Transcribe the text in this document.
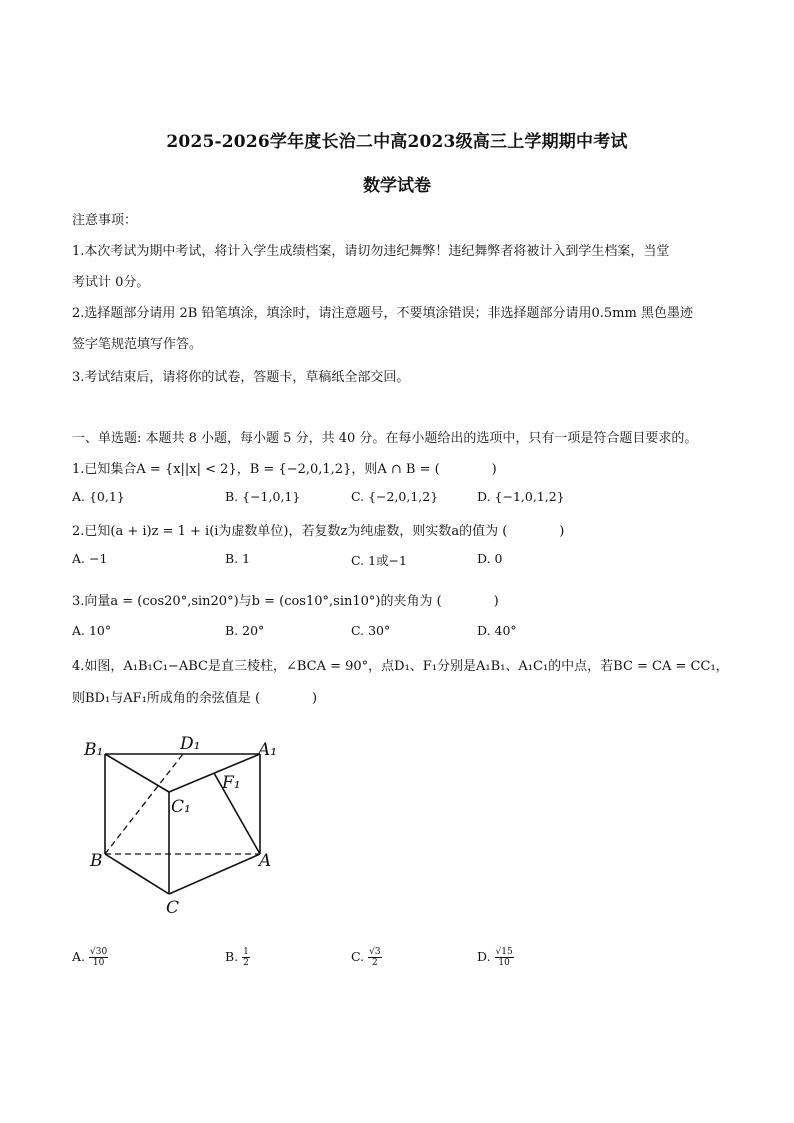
2025-2026学年度长治二中高2023级高三上学期期中考试
数学试卷
注意事项：
1.本次考试为期中考试，将计入学生成绩档案，请切勿违纪舞弊！违纪舞弊者将被计入到学生档案，当堂
考试计 0分。
2.选择题部分请用 2B 铅笔填涂，填涂时，请注意题号，不要填涂错误；非选择题部分请用0.5mm 黑色墨迹
签字笔规范填写作答。
3.考试结束后，请将你的试卷，答题卡，草稿纸全部交回。
一、单选题: 本题共 8 小题，每小题 5 分，共 40 分。在每小题给出的选项中，只有一项是符合题目要求的。
1.已知集合A = {x||x| < 2}，B = {−2,0,1,2}，则A ∩ B = (　　　　)
A. {0,1}	B. {−1,0,1}	C. {−2,0,1,2}	D. {−1,0,1,2}
2.已知(a + i)z = 1 + i(i为虚数单位)，若复数z为纯虚数，则实数a的值为 (　　　　)
A. −1	B. 1	C. 1或−1	D. 0
3.向量a = (cos20°,sin20°)与b = (cos10°,sin10°)的夹角为 (　　　　)
A. 10°	B. 20°	C. 30°	D. 40°
4.如图，A₁B₁C₁−ABC是直三棱柱，∠BCA = 90°，点D₁、F₁分别是A₁B₁、A₁C₁的中点，若BC = CA = CC₁，
则BD₁与AF₁所成角的余弦值是 (　　　　)
B₁	D₁	A₁
F₁
C₁
B	A
C
A. $\frac{√30}{10}$	B. $\frac{1}{2}$	C. $\frac{√3}{2}$	D. $\frac{√15}{10}$
